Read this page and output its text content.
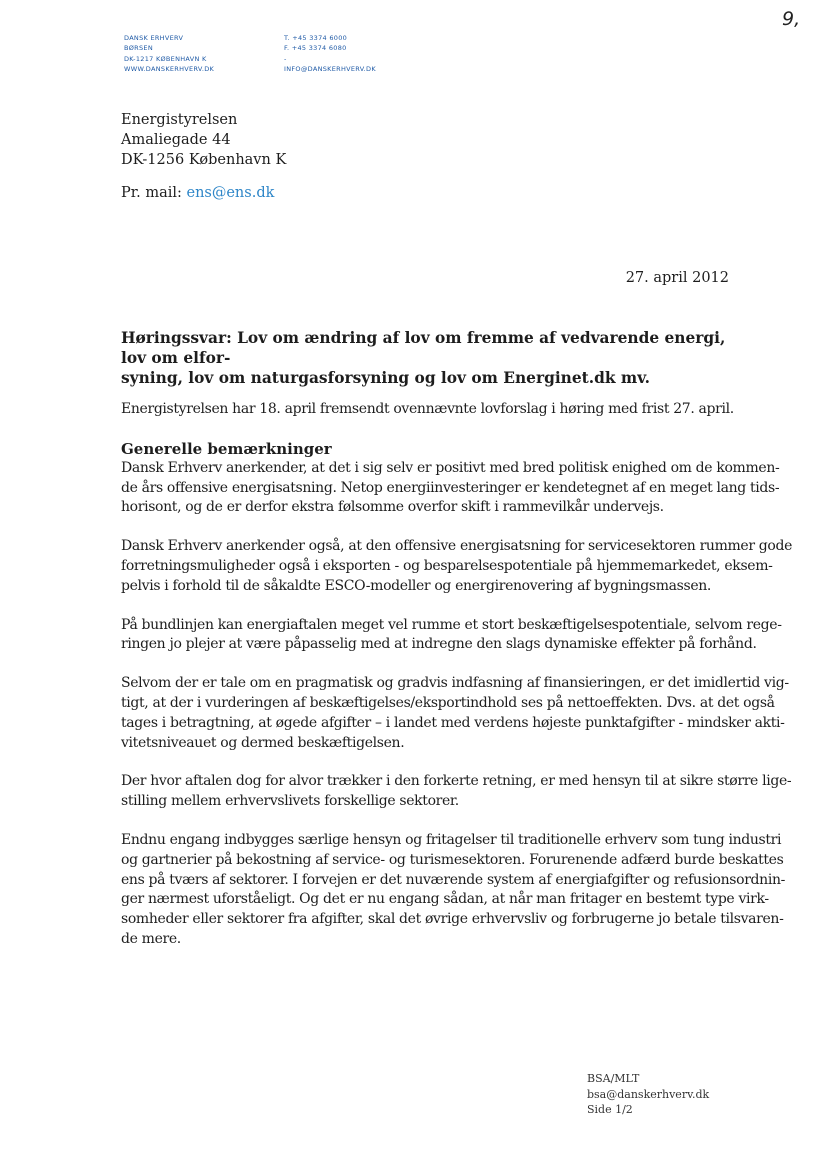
9,
DANSK ERHVERV
BØRSEN
DK-1217 KØBENHAVN K
WWW.DANSKERHVERV.DK
T. +45 3374 6000
F. +45 3374 6080
-
INFO@DANSKERHVERV.DK
Energistyrelsen
Amaliegade 44
DK-1256 København K
Pr. mail: ens@ens.dk
27. april 2012
Høringssvar: Lov om ændring af lov om fremme af vedvarende energi, lov om elfor-
syning, lov om naturgasforsyning og lov om Energinet.dk mv.
Energistyrelsen har 18. april fremsendt ovennævnte lovforslag i høring med frist 27. april.
Generelle bemærkninger
Dansk Erhverv anerkender, at det i sig selv er positivt med bred politisk enighed om de kommen-
de års offensive energisatsning. Netop energiinvesteringer er kendetegnet af en meget lang tids-
horisont, og de er derfor ekstra følsomme overfor skift i rammevilkår undervejs.
Dansk Erhverv anerkender også, at den offensive energisatsning for servicesektoren rummer gode
forretningsmuligheder også i eksporten - og besparelsespotentiale på hjemmemarkedet, eksem-
pelvis i forhold til de såkaldte ESCO-modeller og energirenovering af bygningsmassen.
På bundlinjen kan energiaftalen meget vel rumme et stort beskæftigelsespotentiale, selvom rege-
ringen jo plejer at være påpasselig med at indregne den slags dynamiske effekter på forhånd.
Selvom der er tale om en pragmatisk og gradvis indfasning af finansieringen, er det imidlertid vig-
tigt, at der i vurderingen af beskæftigelses/eksportindhold ses på nettoeffekten. Dvs. at det også
tages i betragtning, at øgede afgifter – i landet med verdens højeste punktafgifter - mindsker akti-
vitetsniveauet og dermed beskæftigelsen.
Der hvor aftalen dog for alvor trækker i den forkerte retning, er med hensyn til at sikre større lige-
stilling mellem erhvervslivets forskellige sektorer.
Endnu engang indbygges særlige hensyn og fritagelser til traditionelle erhverv som tung industri
og gartnerier på bekostning af service- og turismesektoren. Forurenende adfærd burde beskattes
ens på tværs af sektorer. I forvejen er det nuværende system af energiafgifter og refusionsordnin-
ger nærmest uforståeligt. Og det er nu engang sådan, at når man fritager en bestemt type virk-
somheder eller sektorer fra afgifter, skal det øvrige erhvervsliv og forbrugerne jo betale tilsvaren-
de mere.
BSA/MLT
bsa@danskerhverv.dk
Side 1/2
